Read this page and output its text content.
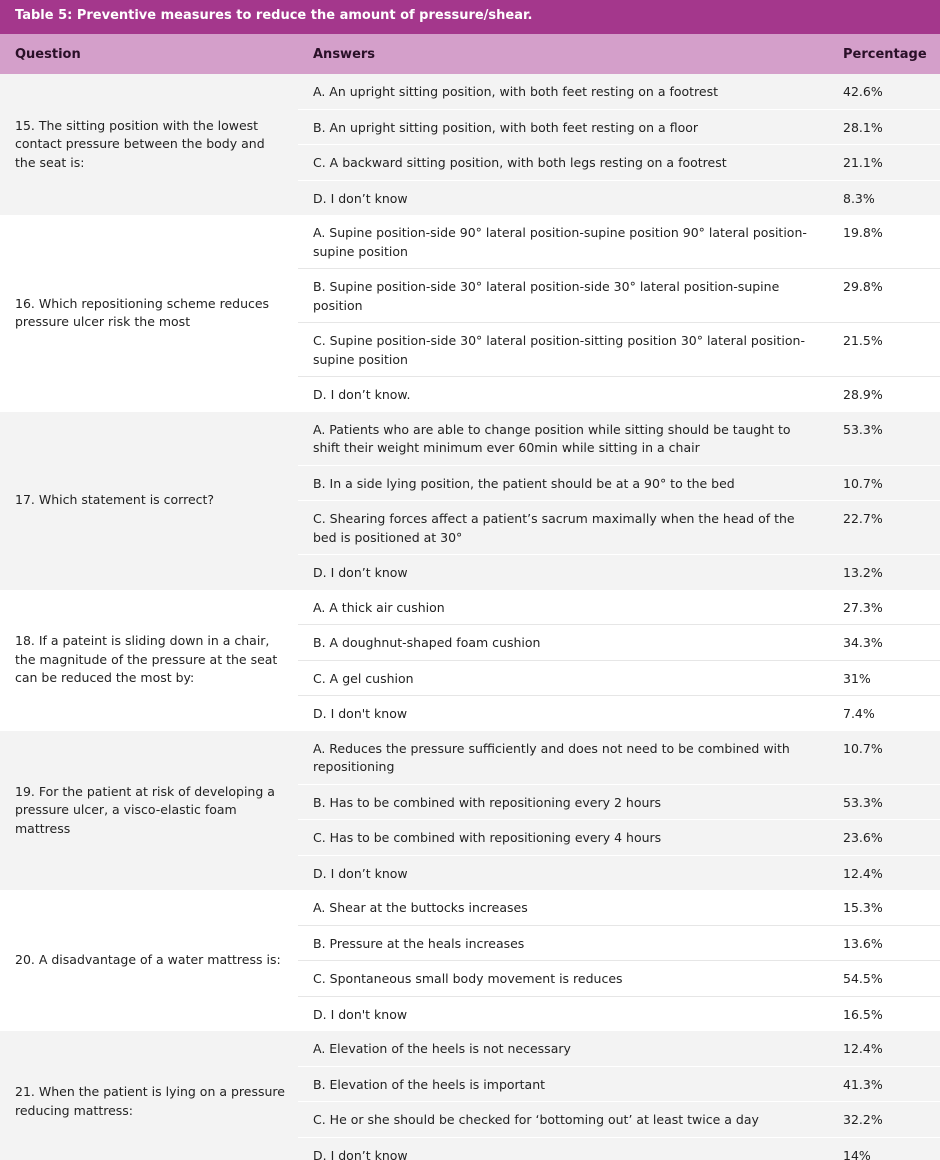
Table 5: Preventive measures to reduce the amount of pressure/shear.
Question	Answers	Percentage
15. The sitting position with the lowest contact pressure between the body and the seat is:	A. An upright sitting position, with both feet resting on a footrest	42.6%
	B. An upright sitting position, with both feet resting on a floor	28.1%
	C. A backward sitting position, with both legs resting on a footrest	21.1%
	D. I don’t know	8.3%
16. Which repositioning scheme reduces pressure ulcer risk the most	A. Supine position-side 90° lateral position-supine position 90° lateral position-supine position	19.8%
	B. Supine position-side 30° lateral position-side 30° lateral position-supine position	29.8%
	C. Supine position-side 30° lateral position-sitting position 30° lateral position-supine position	21.5%
	D. I don’t know.	28.9%
17. Which statement is correct?	A. Patients who are able to change position while sitting should be taught to shift their weight minimum ever 60min while sitting in a chair	53.3%
	B. In a side lying position, the patient should be at a 90° to the bed	10.7%
	C. Shearing forces affect a patient’s sacrum maximally when the head of the bed is positioned at 30°	22.7%
	D. I don’t know	13.2%
18. If a pateint is sliding down in a chair, the magnitude of the pressure at the seat can be reduced the most by:	A. A thick air cushion	27.3%
	B. A doughnut-shaped foam cushion	34.3%
	C. A gel cushion	31%
	D. I don't know	7.4%
19. For the patient at risk of developing a pressure ulcer, a visco-elastic foam mattress	A. Reduces the pressure sufficiently and does not need to be combined with repositioning	10.7%
	B. Has to be combined with repositioning every 2 hours	53.3%
	C. Has to be combined with repositioning every 4 hours	23.6%
	D. I don’t know	12.4%
20. A disadvantage of a water mattress is:	A. Shear at the buttocks increases	15.3%
	B. Pressure at the heals increases	13.6%
	C. Spontaneous small body movement is reduces	54.5%
	D. I don't know	16.5%
21. When the patient is lying on a pressure reducing mattress:	A. Elevation of the heels is not necessary	12.4%
	B. Elevation of the heels is important	41.3%
	C. He or she should be checked for ‘bottoming out’ at least twice a day	32.2%
	D. I don’t know	14%
